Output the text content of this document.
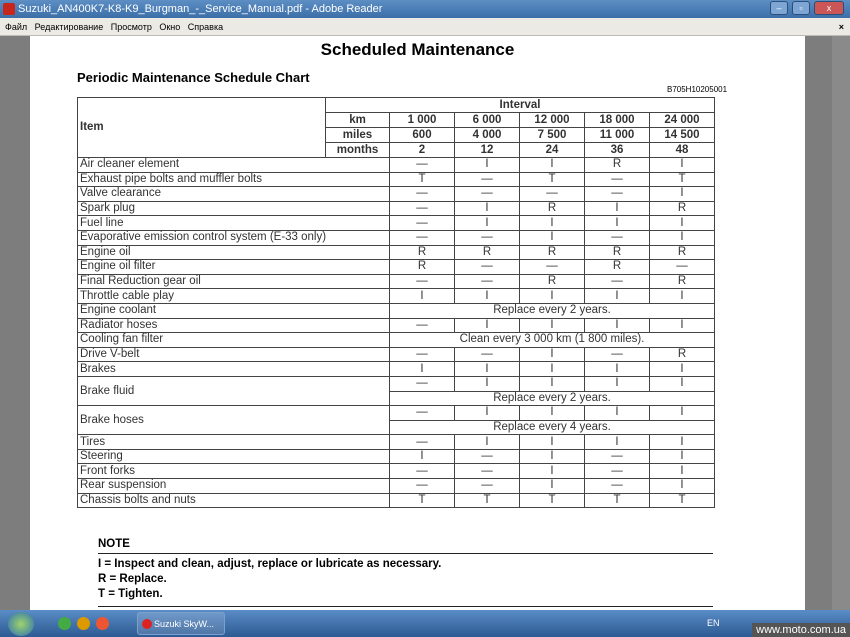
Suzuki_AN400K7-K8-K9_Burgman_-_Service_Manual.pdf - Adobe Reader	–	▫	x
Файл Редактирование Просмотр Окно Справка	×
Scheduled Maintenance
Periodic Maintenance Schedule Chart
B705H10205001
Item	Interval					
	km	1 000	6 000	12 000	18 000	24 000
	miles	600	4 000	7 500	11 000	14 500
	months	2	12	24	36	48
Air cleaner element		—	I	I	R	I
Exhaust pipe bolts and muffler bolts		T	—	T	—	T
Valve clearance		—	—	—	—	I
Spark plug		—	I	R	I	R
Fuel line		—	I	I	I	I
Evaporative emission control system (E-33 only)		—	—	I	—	I
Engine oil		R	R	R	R	R
Engine oil filter		R	—	—	R	—
Final Reduction gear oil		—	—	R	—	R
Throttle cable play		I	I	I	I	I
Engine coolant		Replace every 2 years.				
Radiator hoses		—	I	I	I	I
Cooling fan filter		Clean every 3 000 km (1 800 miles).				
Drive V-belt		—	—	I	—	R
Brakes		I	I	I	I	I
Brake fluid		—	I	I	I	I
		Replace every 2 years.				
Brake hoses		—	I	I	I	I
		Replace every 4 years.				
Tires		—	I	I	I	I
Steering		I	—	I	—	I
Front forks		—	—	I	—	I
Rear suspension		—	—	I	—	I
Chassis bolts and nuts		T	T	T	T	T
NOTE
I = Inspect and clean, adjust, replace or lubricate as necessary.
R = Replace.
T = Tighten.
Suzuki SkyW...	EN
www.moto.com.ua
